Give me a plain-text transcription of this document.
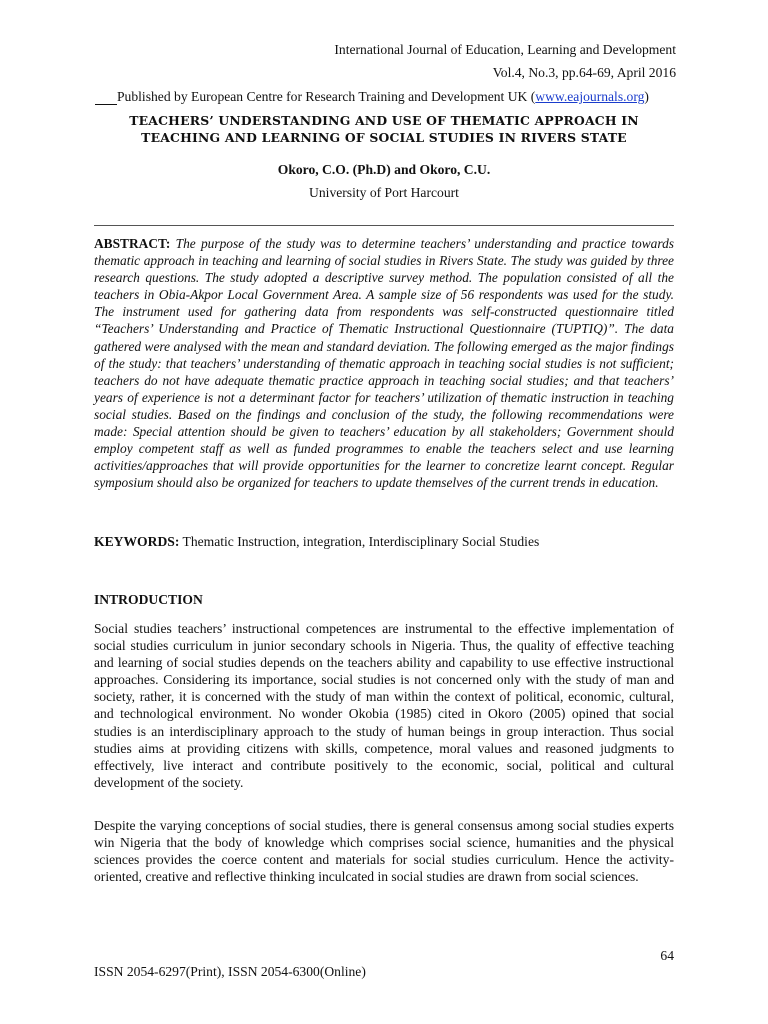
International Journal of Education, Learning and Development
Vol.4, No.3, pp.64-69, April 2016
Published by European Centre for Research Training and Development UK (www.eajournals.org)
TEACHERS’ UNDERSTANDING AND USE OF THEMATIC APPROACH IN TEACHING AND LEARNING OF SOCIAL STUDIES IN RIVERS STATE
Okoro, C.O. (Ph.D) and Okoro, C.U.
University of Port Harcourt
ABSTRACT: The purpose of the study was to determine teachers’ understanding and practice towards thematic approach in teaching and learning of social studies in Rivers State. The study was guided by three research questions. The study adopted a descriptive survey method. The population consisted of all the teachers in Obia-Akpor Local Government Area. A sample size of 56 respondents was used for the study. The instrument used for gathering data from respondents was self-constructed questionnaire titled “Teachers’ Understanding and Practice of Thematic Instructional Questionnaire (TUPTIQ)”. The data gathered were analysed with the mean and standard deviation. The following emerged as the major findings of the study: that teachers’ understanding of thematic approach in teaching social studies is not sufficient; teachers do not have adequate thematic practice approach in teaching social studies; and that teachers’ years of experience is not a determinant factor for teachers’ utilization of thematic instruction in teaching social studies. Based on the findings and conclusion of the study, the following recommendations were made: Special attention should be given to teachers’ education by all stakeholders; Government should employ competent staff as well as funded programmes to enable the teachers select and use learning activities/approaches that will provide opportunities for the learner to concretize learnt concept. Regular symposium should also be organized for teachers to update themselves of the current trends in education.
KEYWORDS: Thematic Instruction, integration, Interdisciplinary Social Studies
INTRODUCTION

Social studies teachers’ instructional competences are instrumental to the effective implementation of social studies curriculum in junior secondary schools in Nigeria. Thus, the quality of effective teaching and learning of social studies depends on the teachers ability and capability to use effective instructional approaches. Considering its importance, social studies is not concerned only with the study of man and society, rather, it is concerned with the study of man within the context of political, economic, cultural, and technological environment. No wonder Okobia (1985) cited in Okoro (2005) opined that social studies is an interdisciplinary approach to the study of human beings in group interaction. Thus social studies aims at providing citizens with skills, competence, moral values and reasoned judgments to effectively, live interact and contribute positively to the economic, social, political and cultural development of the society.

Despite the varying conceptions of social studies, there is general consensus among social studies experts win Nigeria that the body of knowledge which comprises social science, humanities and the physical sciences provides the coerce content and materials for social studies curriculum. Hence the activity-oriented, creative and reflective thinking inculcated in social studies are drawn from social sciences.

64
ISSN 2054-6297(Print), ISSN 2054-6300(Online)
